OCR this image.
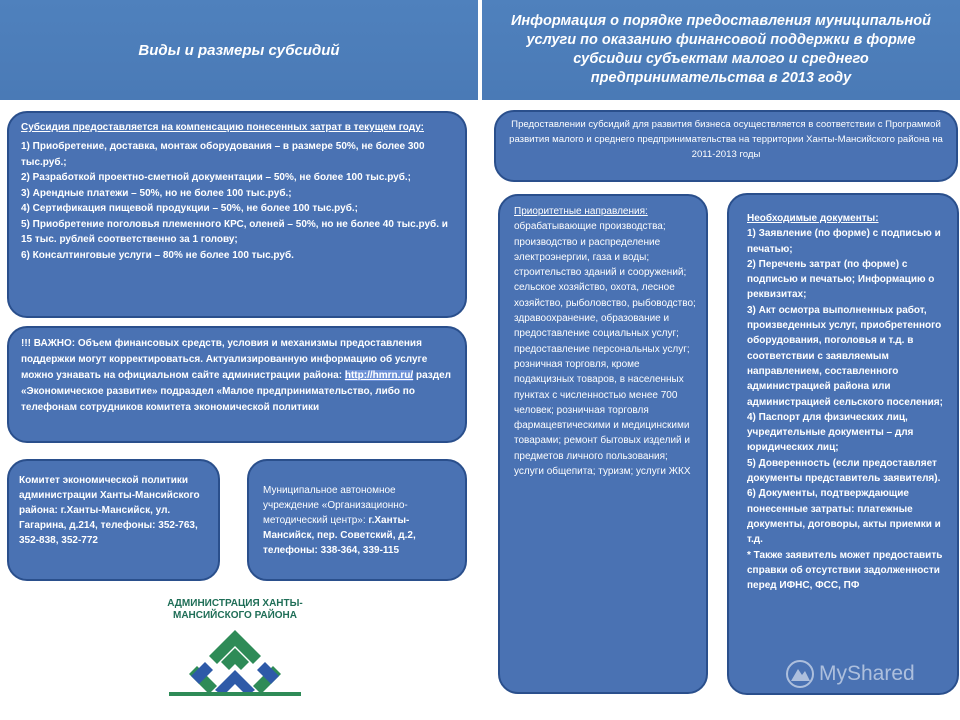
Виды и размеры субсидий
Информация о порядке предоставления муниципальной услуги по оказанию финансовой поддержки в форме субсидии субъектам малого и среднего предпринимательства в 2013 году

Субсидия предоставляется на компенсацию понесенных затрат в текущем году:

1) Приобретение, доставка, монтаж оборудования – в размере 50%, не более 300 тыс.руб.;
2) Разработкой проектно-сметной документации – 50%, не более 100 тыс.руб.;
3) Арендные платежи – 50%, но не более 100 тыс.руб.;
4) Сертификация пищевой продукции – 50%, не более 100 тыс.руб.;
5) Приобретение поголовья племенного КРС, оленей – 50%, но не более 40 тыс.руб. и 15 тыс. рублей соответственно за 1 голову;
6) Консалтинговые услуги – 80% не более 100 тыс.руб.
!!! ВАЖНО: Объем финансовых средств, условия и механизмы предоставления поддержки могут корректироваться. Актуализированную информацию об услуге можно узнавать на официальном сайте администрации района: http://hmrn.ru/ раздел «Экономическое развитие» подраздел «Малое предпринимательство, либо по телефонам сотрудников комитета экономической политики
Комитет экономической политики администрации Ханты-Мансийского района: г.Ханты-Мансийск, ул. Гагарина, д.214, телефоны: 352-763, 352-838, 352-772
Муниципальное автономное учреждение «Организационно-методический центр»: г.Ханты-Мансийск, пер. Советский, д.2, телефоны: 338-364, 339-115
Предоставлении субсидий для развития бизнеса осуществляется в соответствии с Программой развития малого и среднего предпринимательства на территории Ханты-Мансийского района на 2011-2013 годы
Приоритетные направления:
обрабатывающие производства; производство и распределение электроэнергии, газа и воды; строительство зданий и сооружений; сельское хозяйство, охота, лесное хозяйство, рыболовство, рыбоводство; здравоохранение, образование и предоставление социальных услуг; предоставление персональных услуг; розничная торговля, кроме подакцизных товаров, в населенных пунктах с численностью менее 700 человек; розничная торговля фармацевтическими и медицинскими товарами; ремонт бытовых изделий и предметов личного пользования; услуги общепита; туризм; услуги ЖКХ
Необходимые документы:
1) Заявление (по форме) с подписью и печатью;
2) Перечень затрат (по форме) с подписью и печатью; Информацию о реквизитах;
3) Акт осмотра выполненных работ, произведенных услуг, приобретенного оборудования, поголовья и т.д. в соответствии с заявляемым направлением, составленного администрацией района или администрацией сельского поселения;
4) Паспорт для физических лиц, учредительные документы – для юридических лиц;
5) Доверенность (если предоставляет документы представитель заявителя).
6) Документы, подтверждающие понесенные затраты: платежные документы, договоры, акты приемки и т.д.
* Также заявитель может предоставить справки об отсутствии задолженности перед ИФНС, ФСС, ПФ
АДМИНИСТРАЦИЯ ХАНТЫ-МАНСИЙСКОГО РАЙОНА
MyShared
